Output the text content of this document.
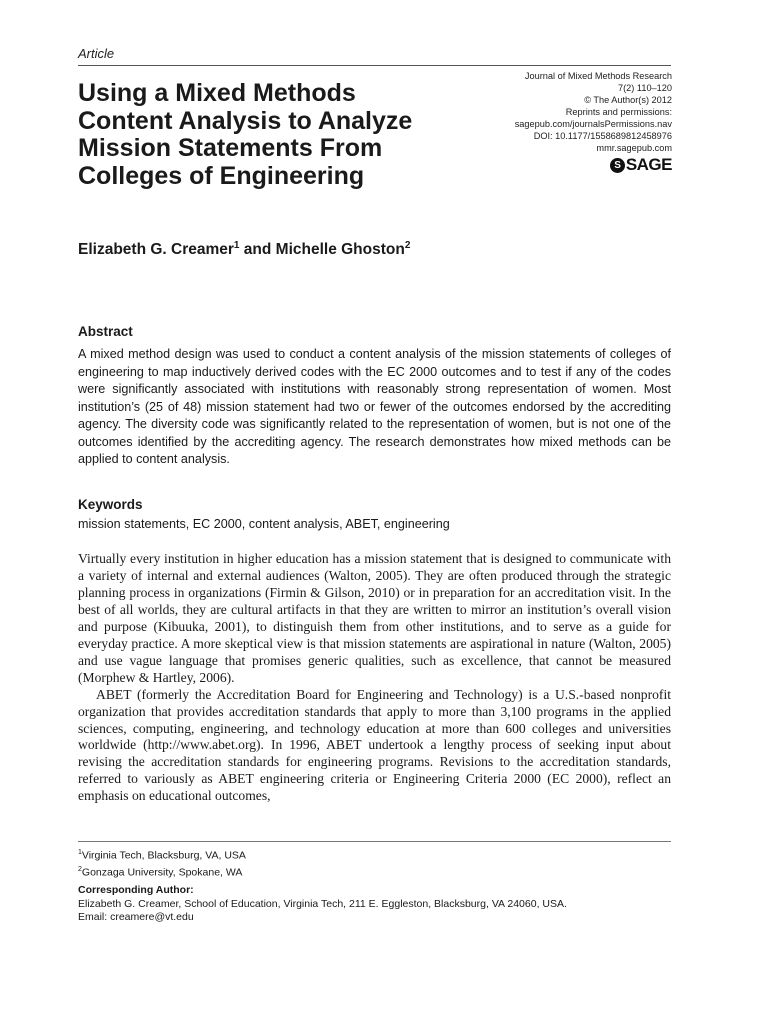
Article
Using a Mixed Methods
Content Analysis to Analyze
Mission Statements From
Colleges of Engineering
Journal of Mixed Methods Research
7(2) 110–120
© The Author(s) 2012
Reprints and permissions:
sagepub.com/journalsPermissions.nav
DOI: 10.1177/1558689812458976
mmr.sagepub.com
S SAGE
Elizabeth G. Creamer$^1$ and Michelle Ghoston$^2$
Abstract

A mixed method design was used to conduct a content analysis of the mission statements of colleges of engineering to map inductively derived codes with the EC 2000 outcomes and to test if any of the codes were significantly associated with institutions with reasonably strong representation of women. Most institution’s (25 of 48) mission statement had two or fewer of the outcomes endorsed by the accrediting agency. The diversity code was significantly related to the representation of women, but is not one of the outcomes identified by the accrediting agency. The research demonstrates how mixed methods can be applied to content analysis.

Keywords
mission statements, EC 2000, content analysis, ABET, engineering

Virtually every institution in higher education has a mission statement that is designed to communicate with a variety of internal and external audiences (Walton, 2005). They are often produced through the strategic planning process in organizations (Firmin & Gilson, 2010) or in preparation for an accreditation visit. In the best of all worlds, they are cultural artifacts in that they are written to mirror an institution’s overall vision and purpose (Kibuuka, 2001), to distinguish them from other institutions, and to serve as a guide for everyday practice. A more skeptical view is that mission statements are aspirational in nature (Walton, 2005) and use vague language that promises generic qualities, such as excellence, that cannot be measured (Morphew & Hartley, 2006).

ABET (formerly the Accreditation Board for Engineering and Technology) is a U.S.-based nonprofit organization that provides accreditation standards that apply to more than 3,100 programs in the applied sciences, computing, engineering, and technology education at more than 600 colleges and universities worldwide (http://www.abet.org). In 1996, ABET undertook a lengthy process of seeking input about revising the accreditation standards for engineering programs. Revisions to the accreditation standards, referred to variously as ABET engineering criteria or Engineering Criteria 2000 (EC 2000), reflect an emphasis on educational outcomes,

$^1$Virginia Tech, Blacksburg, VA, USA
$^2$Gonzaga University, Spokane, WA
Corresponding Author:
Elizabeth G. Creamer, School of Education, Virginia Tech, 211 E. Eggleston, Blacksburg, VA 24060, USA.
Email: creamere@vt.edu
